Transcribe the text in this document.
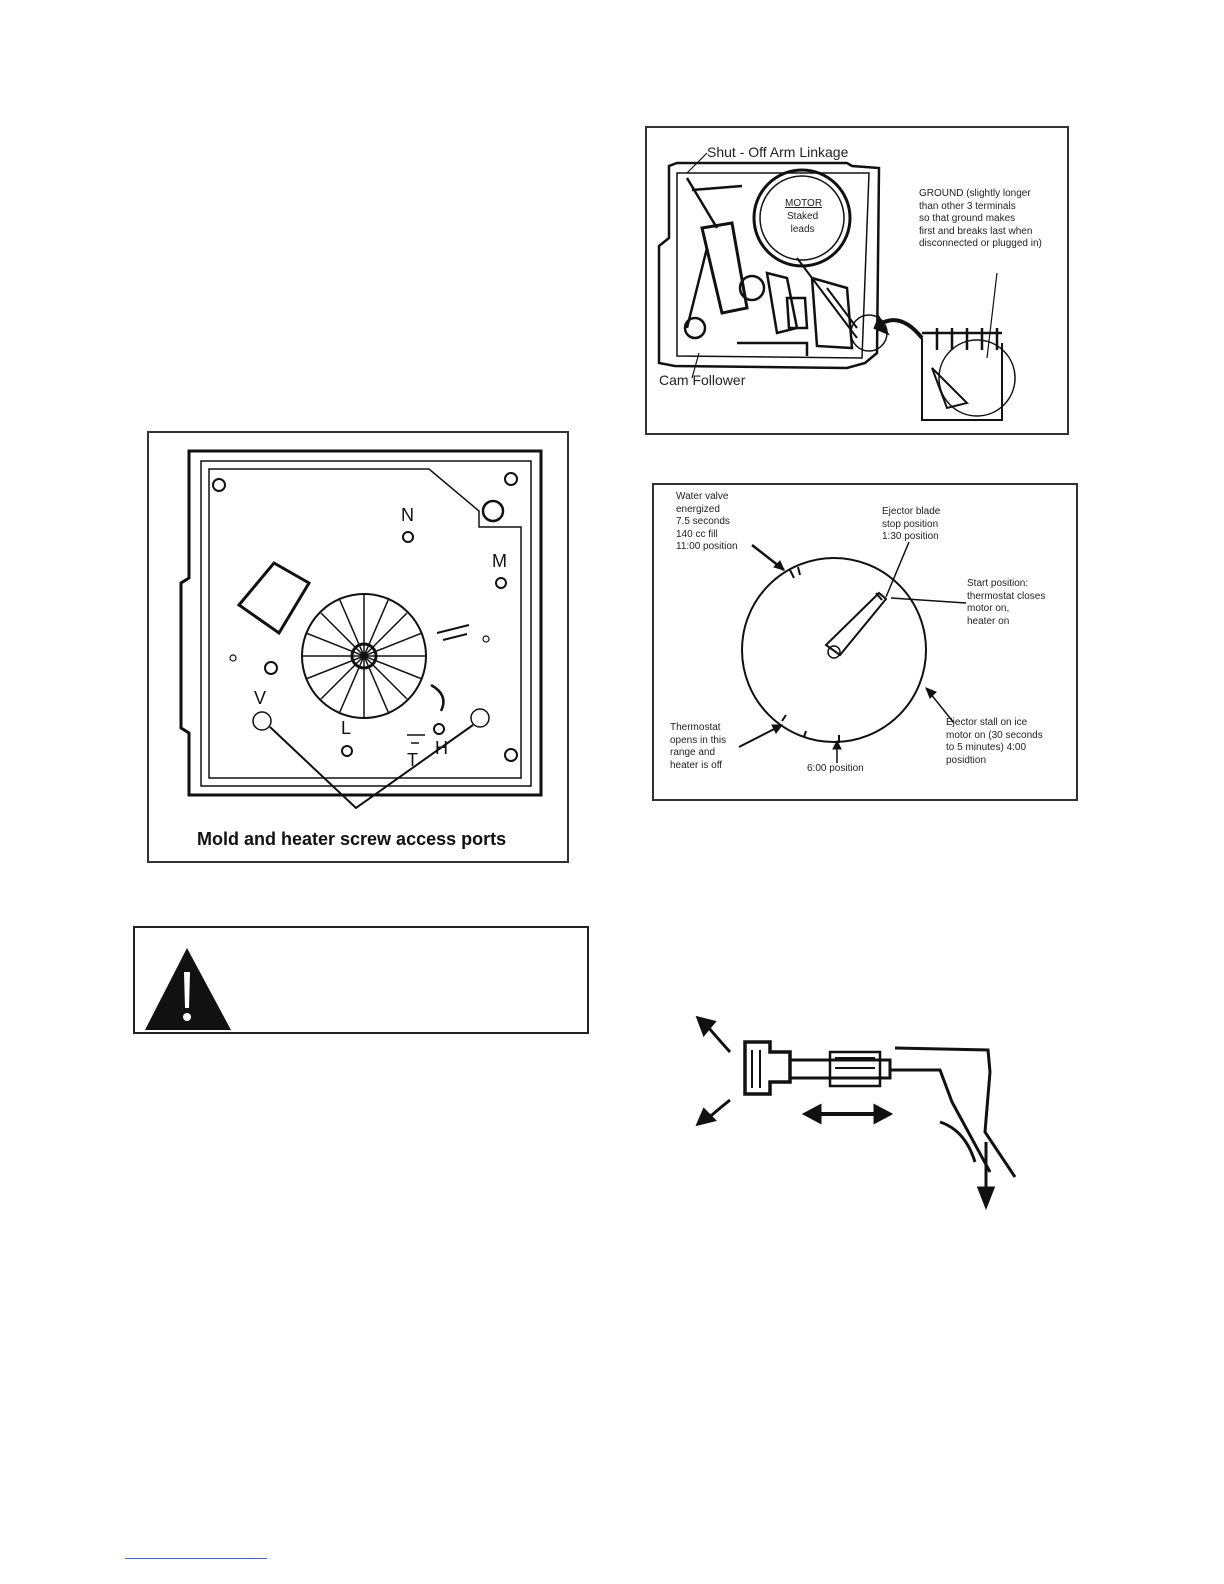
Shut - Off Arm Linkage
MOTOR
Staked
leads
GROUND (slightly longer
than other 3 terminals
so that ground makes
first and breaks last when
disconnected or plugged in)
Cam Follower
Water valve
energized
7.5 seconds
140 cc fill
11:00 position
Ejector blade
stop position
1:30 position
Start position:
thermostat closes
motor on,
heater on
Ejector stall on ice
motor on (30 seconds
to 5 minutes) 4:00
posidtion
Thermostat
opens in this
range and
heater is off	6:00 position
N
M
V
L
T
H
Mold and heater screw access ports
